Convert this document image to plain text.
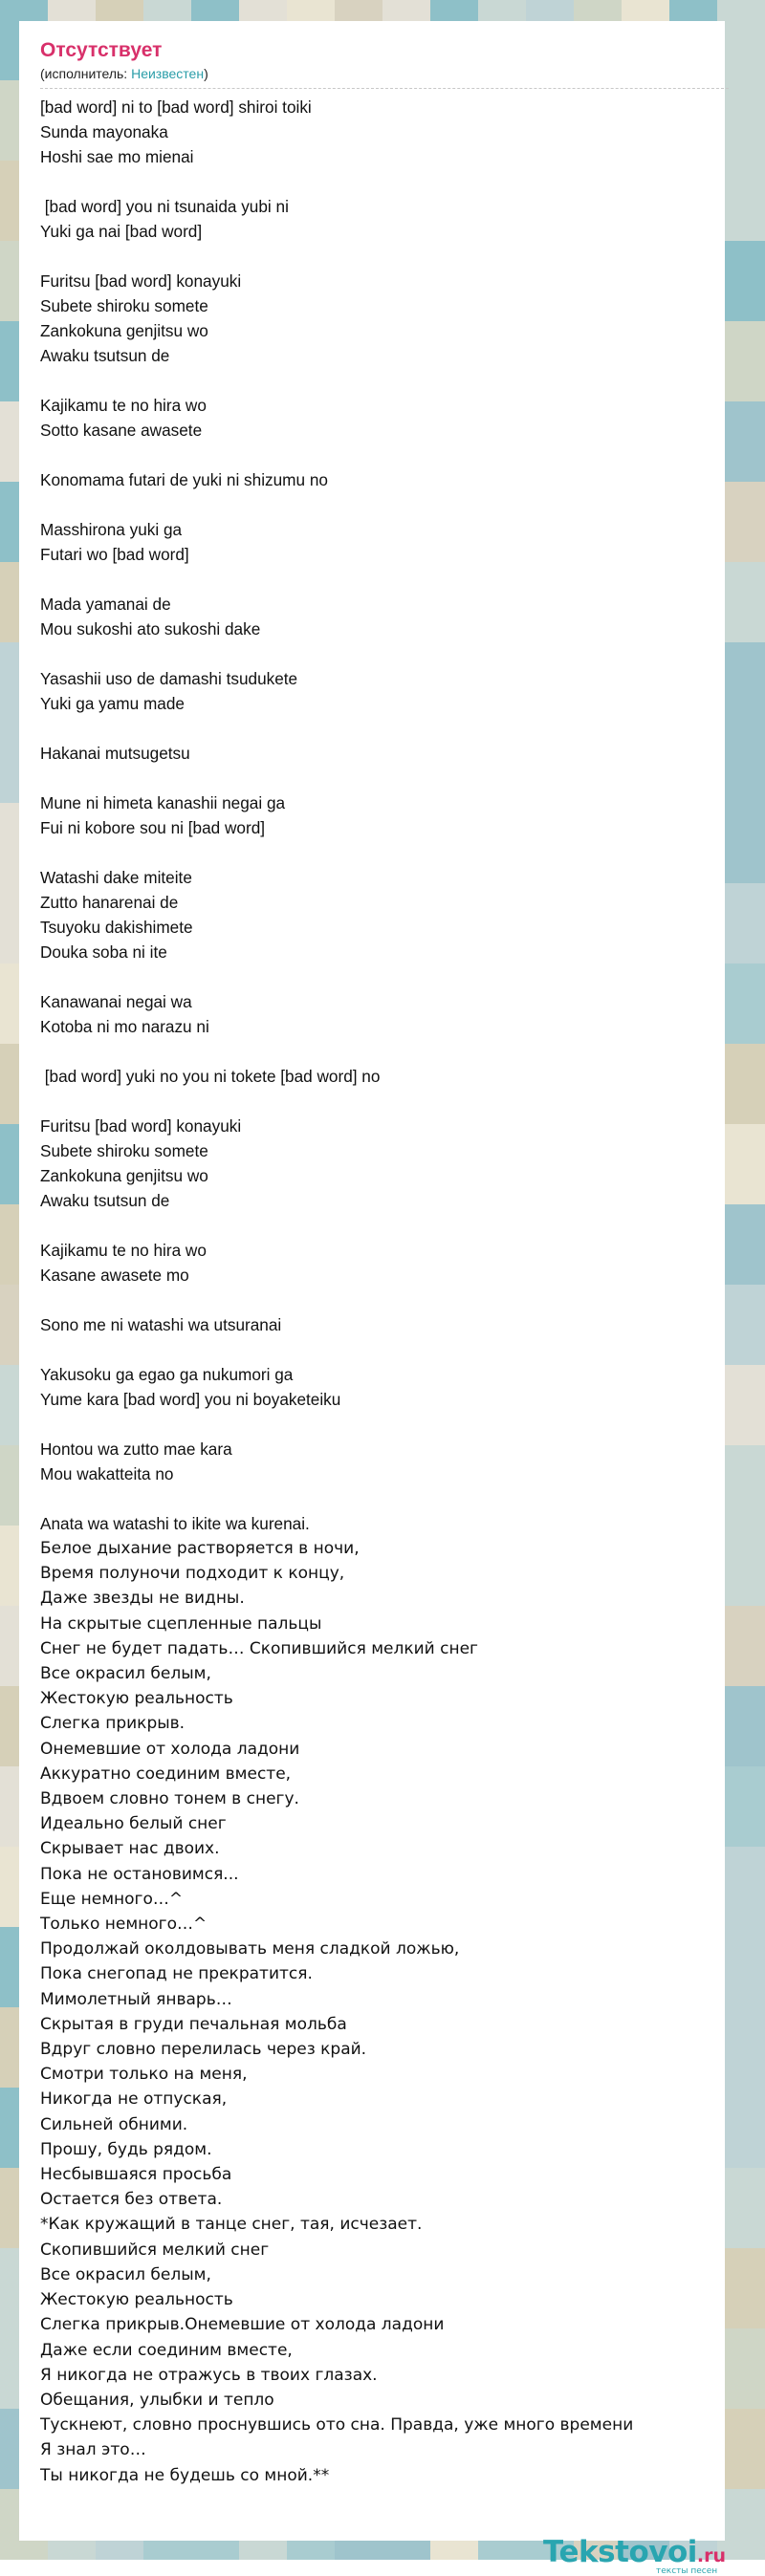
Отсутствует
(исполнитель: Неизвестен)
[bad word] ni to [bad word] shiroi toiki
Sunda mayonaka
Hoshi sae mo mienai

[bad word] you ni tsunaida yubi ni
Yuki ga nai [bad word]

Furitsu [bad word] konayuki
Subete shiroku somete
Zankokuna genjitsu wo
Awaku tsutsun de

Kajikamu te no hira wo
Sotto kasane awasete

Konomama futari de yuki ni shizumu no

Masshirona yuki ga
Futari wo [bad word]

Mada yamanai de
Mou sukoshi ato sukoshi dake

Yasashii uso de damashi tsudukete
Yuki ga yamu made

Hakanai mutsugetsu

Mune ni himeta kanashii negai ga
Fui ni kobore sou ni [bad word]

Watashi dake miteite
Zutto hanarenai de
Tsuyoku dakishimete
Douka soba ni ite

Kanawanai negai wa
Kotoba ni mo narazu ni

[bad word] yuki no you ni tokete [bad word] no

Furitsu [bad word] konayuki
Subete shiroku somete
Zankokuna genjitsu wo
Awaku tsutsun de

Kajikamu te no hira wo
Kasane awasete mo

Sono me ni watashi wa utsuranai

Yakusoku ga egao ga nukumori ga
Yume kara [bad word] you ni boyaketeiku

Hontou wa zutto mae kara
Mou wakatteita no

Anata wa watashi to ikite wa kurenai.

Белое дыхание растворяется в ночи,
Время полуночи подходит к концу,
Даже звезды не видны.
На скрытые сцепленные пальцы
Снег не будет падать… Скопившийся мелкий снег
Все окрасил белым,
Жестокую реальность
Слегка прикрыв.
Онемевшие от холода ладони
Аккуратно соединим вместе,
Вдвоем словно тонем в снегу.
Идеально белый снег
Скрывает нас двоих.
Пока не остановимся...
Еще немного…^
Только немного…^
Продолжай околдовывать меня сладкой ложью,
Пока снегопад не прекратится.
Мимолетный январь…
Скрытая в груди печальная мольба
Вдруг словно перелилась через край.
Смотри только на меня,
Никогда не отпуская,
Сильней обними.
Прошу, будь рядом.
Несбывшаяся просьба
Остается без ответа.
*Как кружащий в танце снег, тая, исчезает.
Скопившийся мелкий снег
Все окрасил белым,
Жестокую реальность
Слегка прикрыв.Онемевшие от холода ладони
Даже если соединим вместе,
Я никогда не отражусь в твоих глазах.
Обещания, улыбки и тепло
Тускнеют, словно проснувшись ото сна. Правда, уже много времени
Я знал это…
Ты никогда не будешь со мной.**
Tekstovoi.ru
тексты песен
